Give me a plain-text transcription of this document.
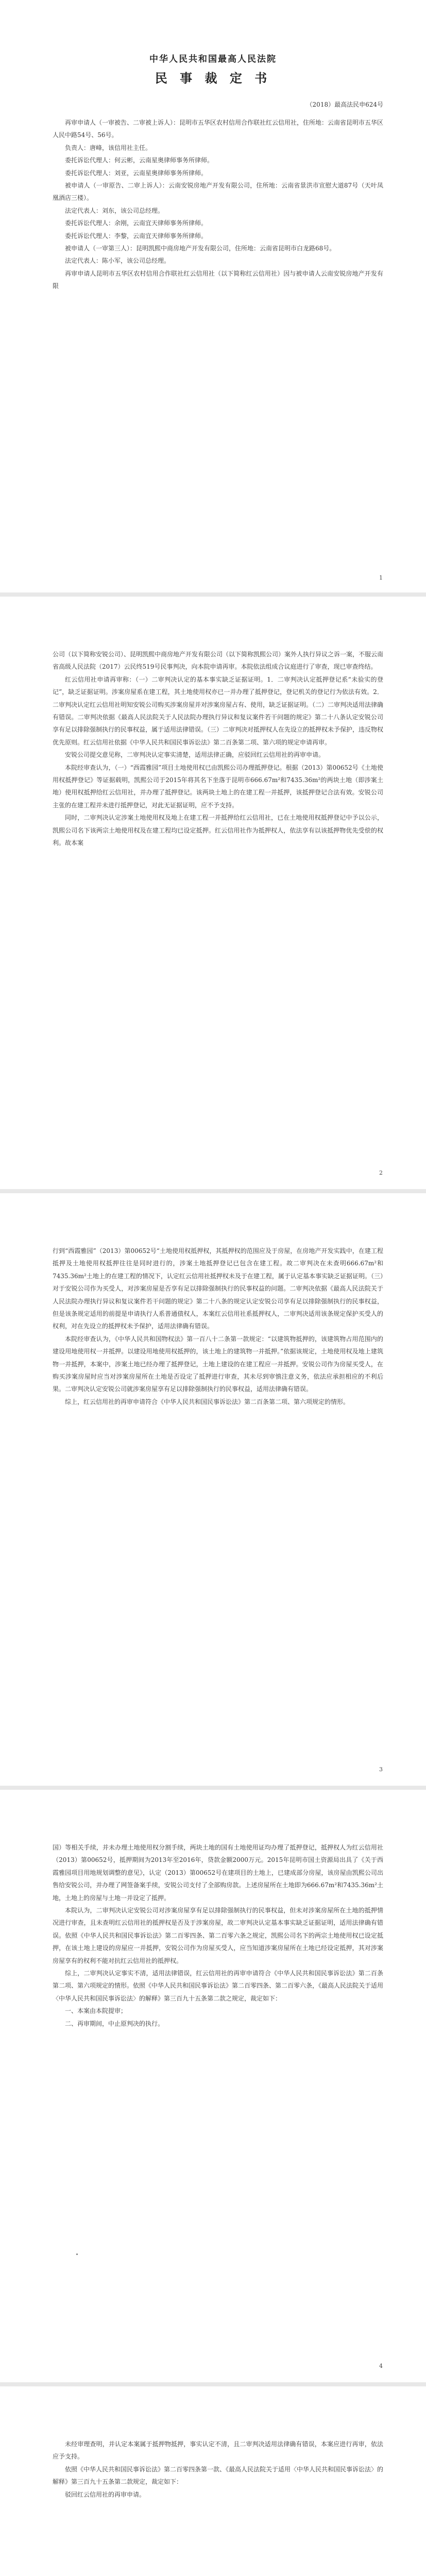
中华人民共和国最高人民法院
民 事 裁 定 书
（2018）最高法民申624号

再审申请人（一审被告、二审被上诉人）：昆明市五华区农村信用合作联社红云信用社，住所地：云南省昆明市五华区人民中路54号、56号。

负责人：唐峰，该信用社主任。

委托诉讼代理人：何云彬，云南星奥律师事务所律师。

委托诉讼代理人：刘亚，云南星奥律师事务所律师。

被申请人（一审原告、二审上诉人）：云南安锐房地产开发有限公司，住所地：云南省景洪市宣慰大道87号（天叶凤凰酒店三楼）。

法定代表人：刘东，该公司总经理。

委托诉讼代理人：余刚，云南宜天律师事务所律师。

委托诉讼代理人：李黎，云南宜天律师事务所律师。

被申请人（一审第三人）：昆明凯熙中商房地产开发有限公司，住所地：云南省昆明市白龙路68号。

法定代表人：陈小军，该公司总经理。

再审申请人昆明市五华区农村信用合作联社红云信用社（以下简称红云信用社）因与被申请人云南安锐房地产开发有限

1

公司（以下简称安锐公司）、昆明凯熙中商房地产开发有限公司（以下简称凯熙公司）案外人执行异议之诉一案，不服云南省高级人民法院（2017）云民终519号民事判决，向本院申请再审。本院依法组成合议庭进行了审查，现已审查终结。

红云信用社申请再审称：（一）二审判决认定的基本事实缺乏证据证明。1．二审判决认定抵押登记系“未验实的登记”，缺乏证据证明。涉案房屋系在建工程，其土地使用权亦已一并办理了抵押登记，登记机关的登记行为依法有效。2．二审判决认定红云信用社明知安锐公司购买涉案房屋并对涉案房屋占有、使用，缺乏证据证明。（二）二审判决适用法律确有错误。二审判决依据《最高人民法院关于人民法院办理执行异议和复议案件若干问题的规定》第二十八条认定安锐公司享有足以排除强制执行的民事权益，属于适用法律错误。（三）二审判决对抵押权人在先设立的抵押权未予保护，违反物权优先原则。红云信用社依据《中华人民共和国民事诉讼法》第二百条第二项、第六项的规定申请再审。

安锐公司提交意见称，二审判决认定事实清楚，适用法律正确，应驳回红云信用社的再审申请。

本院经审查认为，（一）“西霞雅园”项目土地使用权已由凯熙公司办理抵押登记。根据（2013）第00652号《土地使用权抵押登记》等证据载明，凯熙公司于2015年将其名下坐落于昆明市666.67m²和7435.36m²的两块土地（即涉案土地）使用权抵押给红云信用社，并办理了抵押登记。该两块土地上的在建工程一并抵押，该抵押登记合法有效。安锐公司主张的在建工程并未进行抵押登记，对此无证据证明，应不予支持。

同时，二审判决认定涉案土地使用权及地上在建工程一并抵押给红云信用社，已在土地使用权抵押登记中予以公示，凯熙公司名下该两宗土地使用权及在建工程均已设定抵押。红云信用社作为抵押权人，依法享有以该抵押物优先受偿的权利。故本案

2

行到“西霞雅园”（2013）第00652号“土地使用权抵押权，其抵押权的范围应及于房屋，在房地产开发实践中，在建工程抵押及土地使用权抵押往往是同时进行的，涉案土地抵押登记已包含在建工程。故二审判决在未查明666.67m²和7435.36m²土地上的在建工程的情况下，认定红云信用社抵押权未及于在建工程，属于认定基本事实缺乏证据证明。（三）对于安锐公司作为买受人，对涉案房屋是否享有足以排除强制执行的民事权益的问题。二审判决依据《最高人民法院关于人民法院办理执行异议和复议案件若干问题的规定》第二十八条的规定认定安锐公司享有足以排除强制执行的民事权益，但是该条规定适用的前提是申请执行人系普通债权人，本案红云信用社系抵押权人，二审判决适用该条规定保护买受人的权利，对在先设立的抵押权未予保护，适用法律确有错误。

本院经审查认为，《中华人民共和国物权法》第一百八十二条第一款规定：“以建筑物抵押的，该建筑物占用范围内的建设用地使用权一并抵押。以建设用地使用权抵押的，该土地上的建筑物一并抵押。”依据该规定，土地使用权及地上建筑物一并抵押，本案中，涉案土地已经办理了抵押登记，土地上建设的在建工程应一并抵押。安锐公司作为房屋买受人，在购买涉案房屋时应当对涉案房屋所在土地是否设定了抵押进行审查，其未尽到审慎注意义务，依法应承担相应的不利后果。二审判决认定安锐公司就涉案房屋享有足以排除强制执行的民事权益，适用法律确有错误。

综上，红云信用社的再审申请符合《中华人民共和国民事诉讼法》第二百条第二项、第六项规定的情形。

3

国）等相关手续，并未办理土地使用权分割手续，两块土地的国有土地使用证均办理了抵押登记，抵押权人为红云信用社（2013）第00652号，抵押期间为2013年至2016年，贷款金额2000万元。2015年昆明市国土资源局出具了《关于西霞雅园项目用地规划调整的意见》，认定（2013）第00652号在建项目的土地上，已建成部分房屋，该房屋由凯熙公司出售给安锐公司，并办理了网签备案手续，安锐公司支付了全部购房款。上述房屋所在土地即为666.67m²和7435.36m²土地，土地上的房屋与土地一并设定了抵押。

本院认为，二审判决认定安锐公司对涉案房屋享有足以排除强制执行的民事权益，但未对涉案房屋所在土地的抵押情况进行审查，且未查明红云信用社的抵押权是否及于涉案房屋，故二审判决认定基本事实缺乏证据证明，适用法律确有错误。依照《中华人民共和国民事诉讼法》第二百零四条、第二百零六条之规定，凯熙公司名下的两宗土地使用权已设定抵押，在该土地上建设的房屋应一并抵押，安锐公司作为房屋买受人，应当知道涉案房屋所在土地已经设定抵押，其对涉案房屋享有的权利不能对抗红云信用社的抵押权。

综上，二审判决认定事实不清，适用法律错误，红云信用社的再审申请符合《中华人民共和国民事诉讼法》第二百条第二项、第六项规定的情形。依照《中华人民共和国民事诉讼法》第二百零四条、第二百零六条，《最高人民法院关于适用〈中华人民共和国民事诉讼法〉的解释》第三百九十五条第二款之规定，裁定如下：

一、本案由本院提审；

二、再审期间，中止原判决的执行。

4

未经审理查明，并认定本案属于抵押物抵押，事实认定不清，且二审判决适用法律确有错误，本案应进行再审，依法应予支持。

依照《中华人民共和国民事诉讼法》第二百零四条第一款、《最高人民法院关于适用〈中华人民共和国民事诉讼法〉的解释》第三百九十五条第二款规定，裁定如下：

驳回红云信用社的再审申请。
